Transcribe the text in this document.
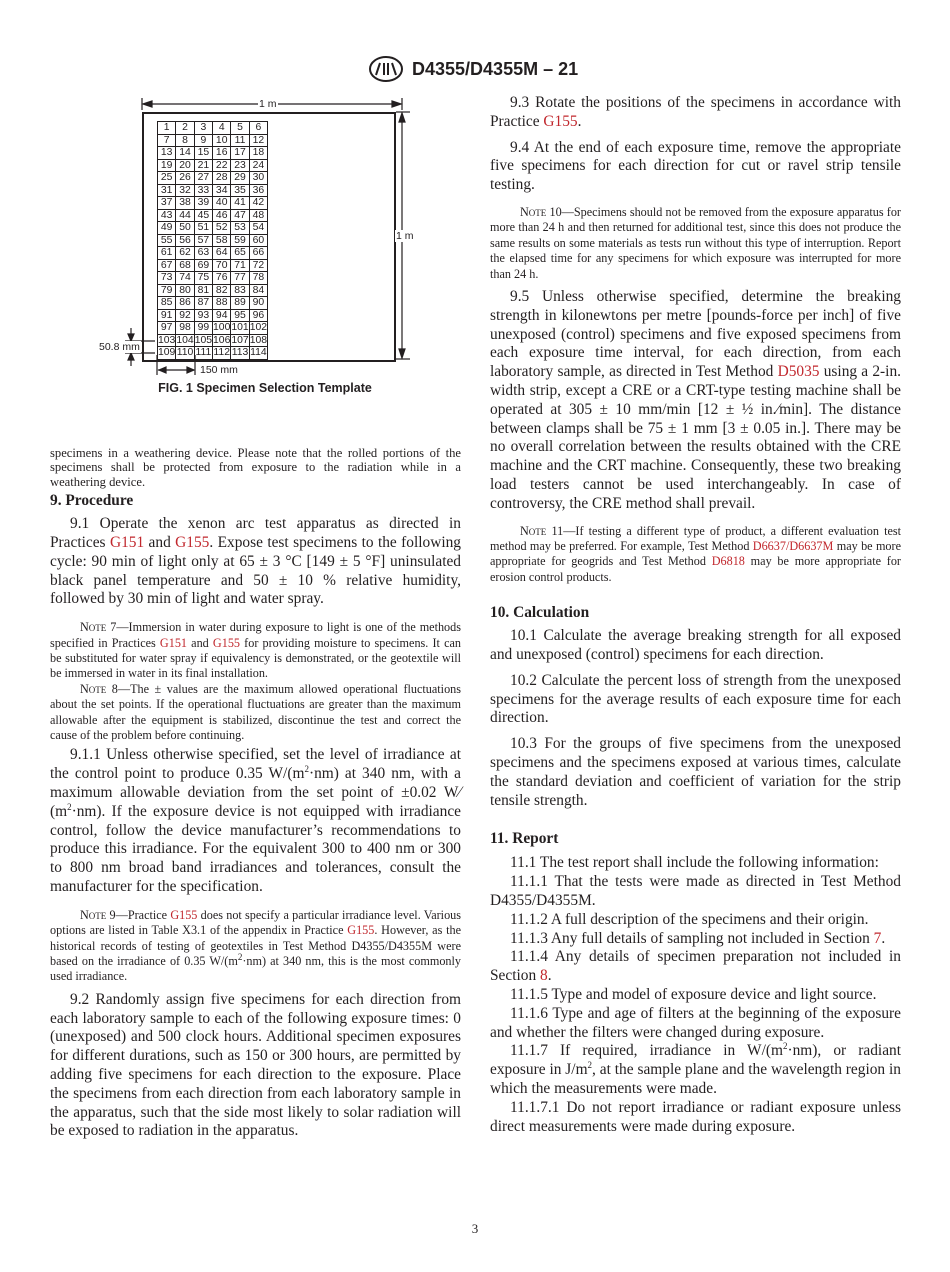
D4355/D4355M – 21
1	2	3	4	5	6
7	8	9	10	11	12
13	14	15	16	17	18
19	20	21	22	23	24
25	26	27	28	29	30
31	32	33	34	35	36
37	38	39	40	41	42
43	44	45	46	47	48
49	50	51	52	53	54
55	56	57	58	59	60
61	62	63	64	65	66
67	68	69	70	71	72
73	74	75	76	77	78
79	80	81	82	83	84
85	86	87	88	89	90
91	92	93	94	95	96
97	98	99	100	101	102
103	104	105	106	107	108
109	110	111	112	113	114
1 m
1 m
50.8 mm
150 mm
FIG. 1 Specimen Selection Template
specimens in a weathering device. Please note that the rolled portions of the specimens shall be protected from exposure to the radiation while in a weathering device.
9. Procedure
9.1 Operate the xenon arc test apparatus as directed in Practices G151 and G155. Expose test specimens to the following cycle: 90 min of light only at 65 ± 3 °C [149 ± 5 °F] uninsulated black panel temperature and 50 ± 10 % relative humidity, followed by 30 min of light and water spray.
Note 7—Immersion in water during exposure to light is one of the methods specified in Practices G151 and G155 for providing moisture to specimens. It can be substituted for water spray if equivalency is demonstrated, or the geotextile will be immersed in water in its final installation.
Note 8—The ± values are the maximum allowed operational fluctuations about the set points. If the operational fluctuations are greater than the maximum allowable after the equipment is stabilized, discontinue the test and correct the cause of the problem before continuing.
9.1.1 Unless otherwise specified, set the level of irradiance at the control point to produce 0.35 $W/(m^2\cdot nm)$ at 340 nm, with a maximum allowable deviation from the set point of ±0.02 $W⁄(m^2\cdot nm)$. If the exposure device is not equipped with irradiance control, follow the device manufacturer’s recommendations to produce this irradiance. For the equivalent 300 to 400 nm or 300 to 800 nm broad band irradiances and tolerances, consult the manufacturer for the specification.
Note 9—Practice G155 does not specify a particular irradiance level. Various options are listed in Table X3.1 of the appendix in Practice G155. However, as the historical records of testing of geotextiles in Test Method D4355/D4355M were based on the irradiance of 0.35 $W/(m^2\cdot nm)$ at 340 nm, this is the most commonly used irradiance.
9.2 Randomly assign five specimens for each direction from each laboratory sample to each of the following exposure times: 0 (unexposed) and 500 clock hours. Additional specimen exposures for different durations, such as 150 or 300 hours, are permitted by adding five specimens for each direction to the exposure. Place the specimens from each direction from each laboratory sample in the apparatus, such that the side most likely to solar radiation will be exposed to radiation in the apparatus.
9.3 Rotate the positions of the specimens in accordance with Practice G155.
9.4 At the end of each exposure time, remove the appropriate five specimens for each direction for cut or ravel strip tensile testing.
Note 10—Specimens should not be removed from the exposure apparatus for more than 24 h and then returned for additional test, since this does not produce the same results on some materials as tests run without this type of interruption. Report the elapsed time for any specimens for which exposure was interrupted for more than 24 h.
9.5 Unless otherwise specified, determine the breaking strength in kilonewtons per metre [pounds-force per inch] of five unexposed (control) specimens and five exposed specimens from each exposure time interval, for each direction, from each laboratory sample, as directed in Test Method D5035 using a 2-in. width strip, except a CRE or a CRT-type testing machine shall be operated at 305 ± 10 mm/min [12 ± ½ in.⁄min]. The distance between clamps shall be 75 ± 1 mm [3 ± 0.05 in.]. There may be no overall correlation between the results obtained with the CRE machine and the CRT machine. Consequently, these two breaking load testers cannot be used interchangeably. In case of controversy, the CRE method shall prevail.
Note 11—If testing a different type of product, a different evaluation test method may be preferred. For example, Test Method D6637/D6637M may be more appropriate for geogrids and Test Method D6818 may be more appropriate for erosion control products.
10. Calculation
10.1 Calculate the average breaking strength for all exposed and unexposed (control) specimens for each direction.
10.2 Calculate the percent loss of strength from the unexposed specimens for the average results of each exposure time for each direction.
10.3 For the groups of five specimens from the unexposed specimens and the specimens exposed at various times, calculate the standard deviation and coefficient of variation for the strip tensile strength.
11. Report
11.1 The test report shall include the following information:
11.1.1 That the tests were made as directed in Test Method D4355/D4355M.
11.1.2 A full description of the specimens and their origin.
11.1.3 Any full details of sampling not included in Section 7.
11.1.4 Any details of specimen preparation not included in Section 8.
11.1.5 Type and model of exposure device and light source.
11.1.6 Type and age of filters at the beginning of the exposure and whether the filters were changed during exposure.
11.1.7 If required, irradiance in $W/(m^2\cdot nm)$, or radiant exposure in $J/m^2$, at the sample plane and the wavelength region in which the measurements were made.
11.1.7.1 Do not report irradiance or radiant exposure unless direct measurements were made during exposure.
3
